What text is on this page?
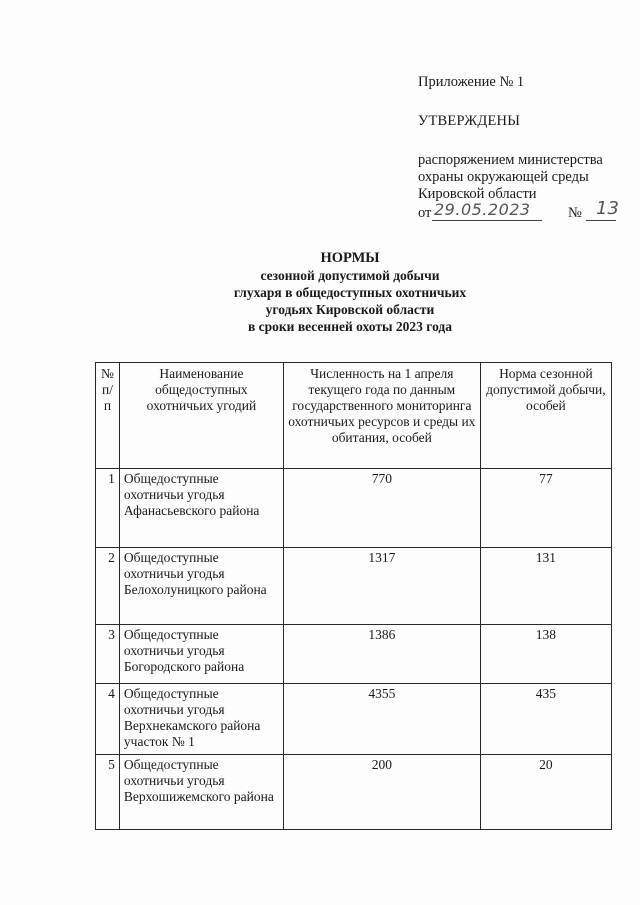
Приложение № 1
УТВЕРЖДЕНЫ
распоряжением министерства
охраны окружающей среды
Кировской области
от 29.05.2023	№ 13
НОРМЫ
сезонной допустимой добычи
глухаря в общедоступных охотничьих
угодьях Кировской области
в сроки весенней охоты 2023 года
№ п/п	Наименование общедоступных охотничьих угодий	Численность на 1 апреля текущего года по данным государственного мониторинга охотничьих ресурсов и среды их обитания, особей	Норма сезонной допустимой добычи, особей
1	Общедоступные охотничьи угодья Афанасьевского района	770	77
2	Общедоступные охотничьи угодья Белохолуницкого района	1317	131
3	Общедоступные охотничьи угодья Богородского района	1386	138
4	Общедоступные охотничьи угодья Верхнекамского района участок № 1	4355	435
5	Общедоступные охотничьи угодья Верхошижемского района	200	20
